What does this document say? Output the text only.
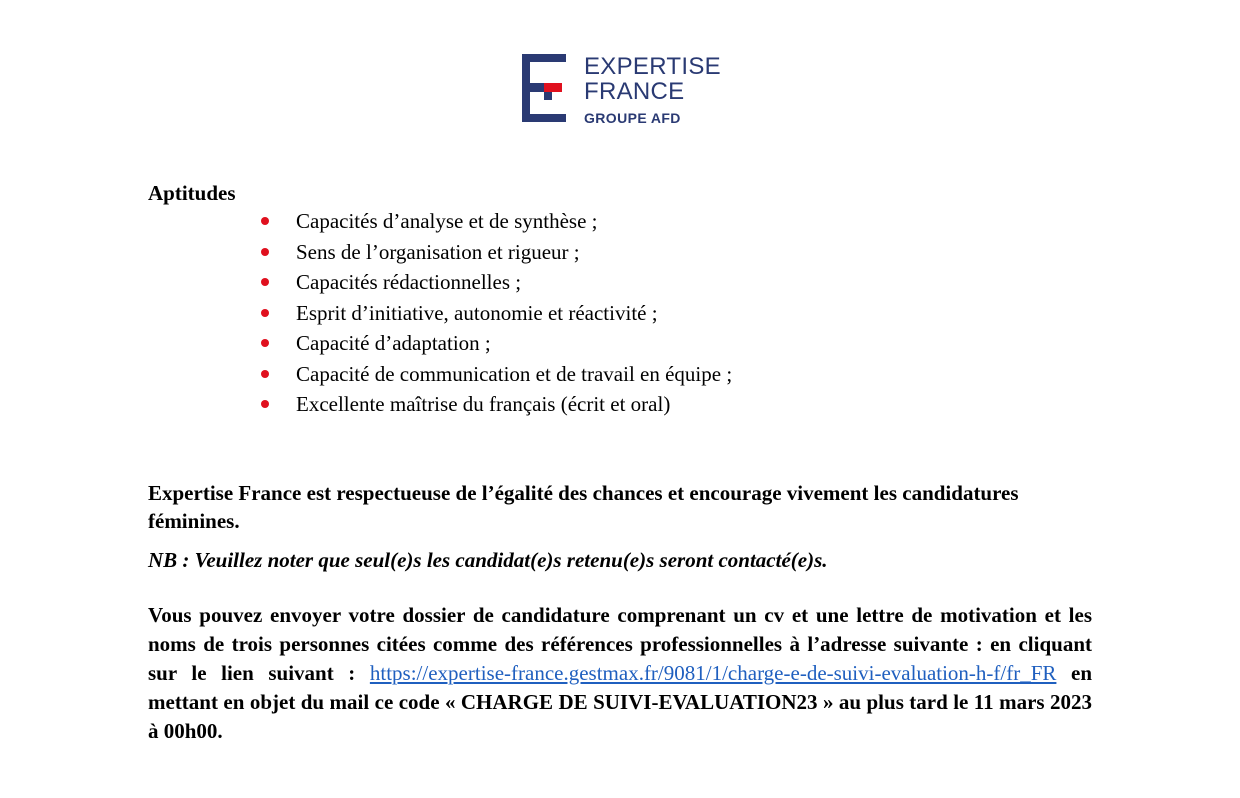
EXPERTISE
FRANCE
GROUPE AFD
Aptitudes
Capacités d’analyse et de synthèse ;
Sens de l’organisation et rigueur ;
Capacités rédactionnelles ;
Esprit d’initiative, autonomie et réactivité ;
Capacité d’adaptation ;
Capacité de communication et de travail en équipe ;
Excellente maîtrise du français (écrit et oral)
Expertise France est respectueuse de l’égalité des chances et encourage vivement les candidatures féminines.
NB : Veuillez noter que seul(e)s les candidat(e)s retenu(e)s seront contacté(e)s.
Vous pouvez envoyer votre dossier de candidature comprenant un cv et une lettre de motivation et les noms de trois personnes citées comme des références professionnelles à l’adresse suivante : en cliquant sur le lien suivant : https://expertise-france.gestmax.fr/9081/1/charge-e-de-suivi-evaluation-h-f/fr_FR en mettant en objet du mail ce code « CHARGE DE SUIVI-EVALUATION23 » au plus tard le 11 mars 2023 à 00h00.
